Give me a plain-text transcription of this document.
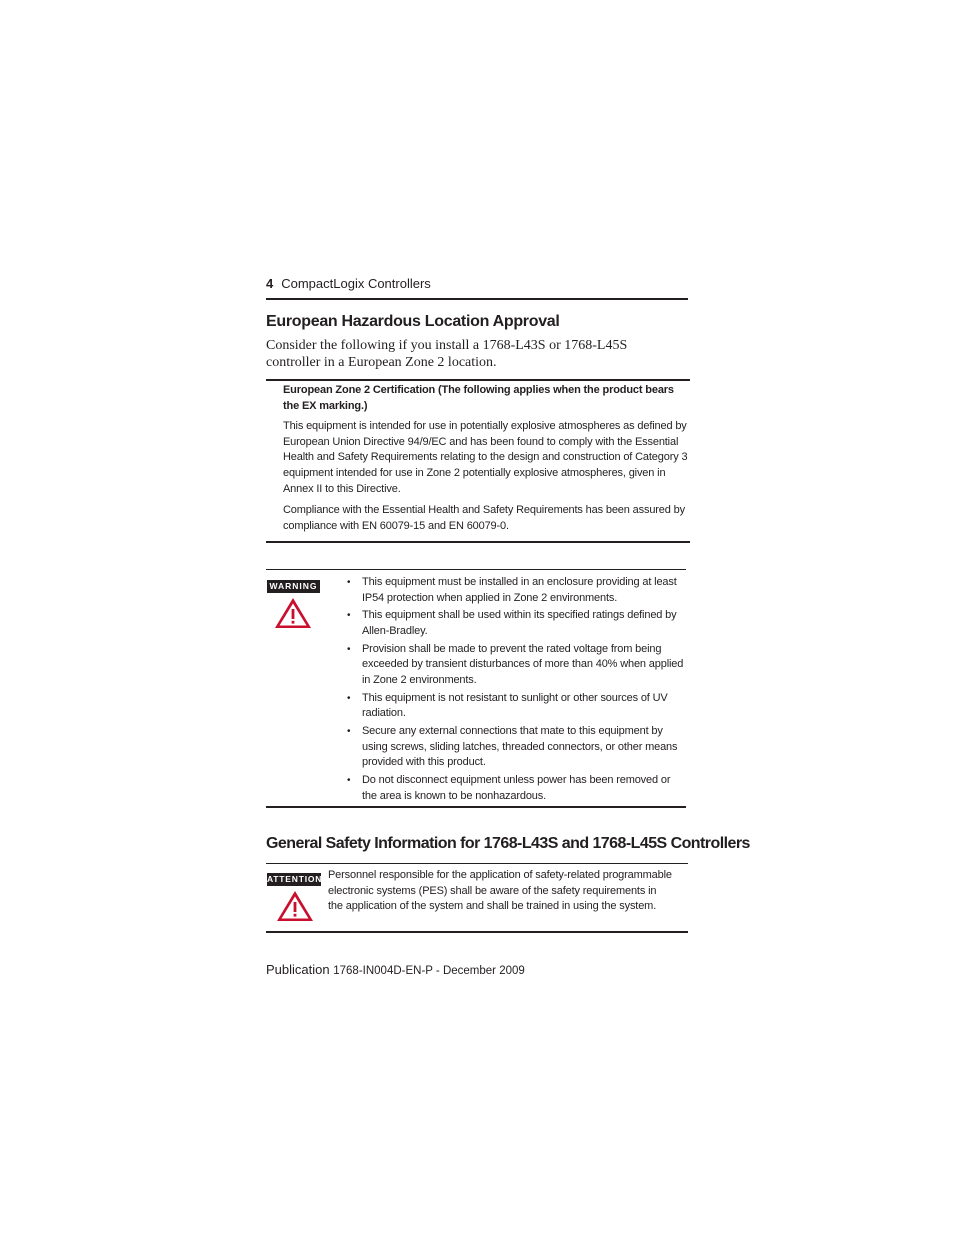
4 CompactLogix Controllers
European Hazardous Location Approval
Consider the following if you install a 1768-L43S or 1768-L45S controller in a European Zone 2 location.

European Zone 2 Certification (The following applies when the product bears the EX marking.)

This equipment is intended for use in potentially explosive atmospheres as defined by European Union Directive 94/9/EC and has been found to comply with the Essential Health and Safety Requirements relating to the design and construction of Category 3 equipment intended for use in Zone 2 potentially explosive atmospheres, given in Annex II to this Directive.

Compliance with the Essential Health and Safety Requirements has been assured by compliance with EN 60079-15 and EN 60079-0.

WARNING
•	This equipment must be installed in an enclosure providing at least IP54 protection when applied in Zone 2 environments.
• This equipment shall be used within its specified ratings defined by Allen-Bradley.
• Provision shall be made to prevent the rated voltage from being exceeded by transient disturbances of more than 40% when applied in Zone 2 environments.
• This equipment is not resistant to sunlight or other sources of UV radiation.
• Secure any external connections that mate to this equipment by using screws, sliding latches, threaded connectors, or other means provided with this product.
• Do not disconnect equipment unless power has been removed or the area is known to be nonhazardous.
General Safety Information for 1768-L43S and 1768-L45S Controllers
ATTENTION Personnel responsible for the application of safety-related programmable electronic systems (PES) shall be aware of the safety requirements in the application of the system and shall be trained in using the system.

Publication 1768-IN004D-EN-P - December 2009
